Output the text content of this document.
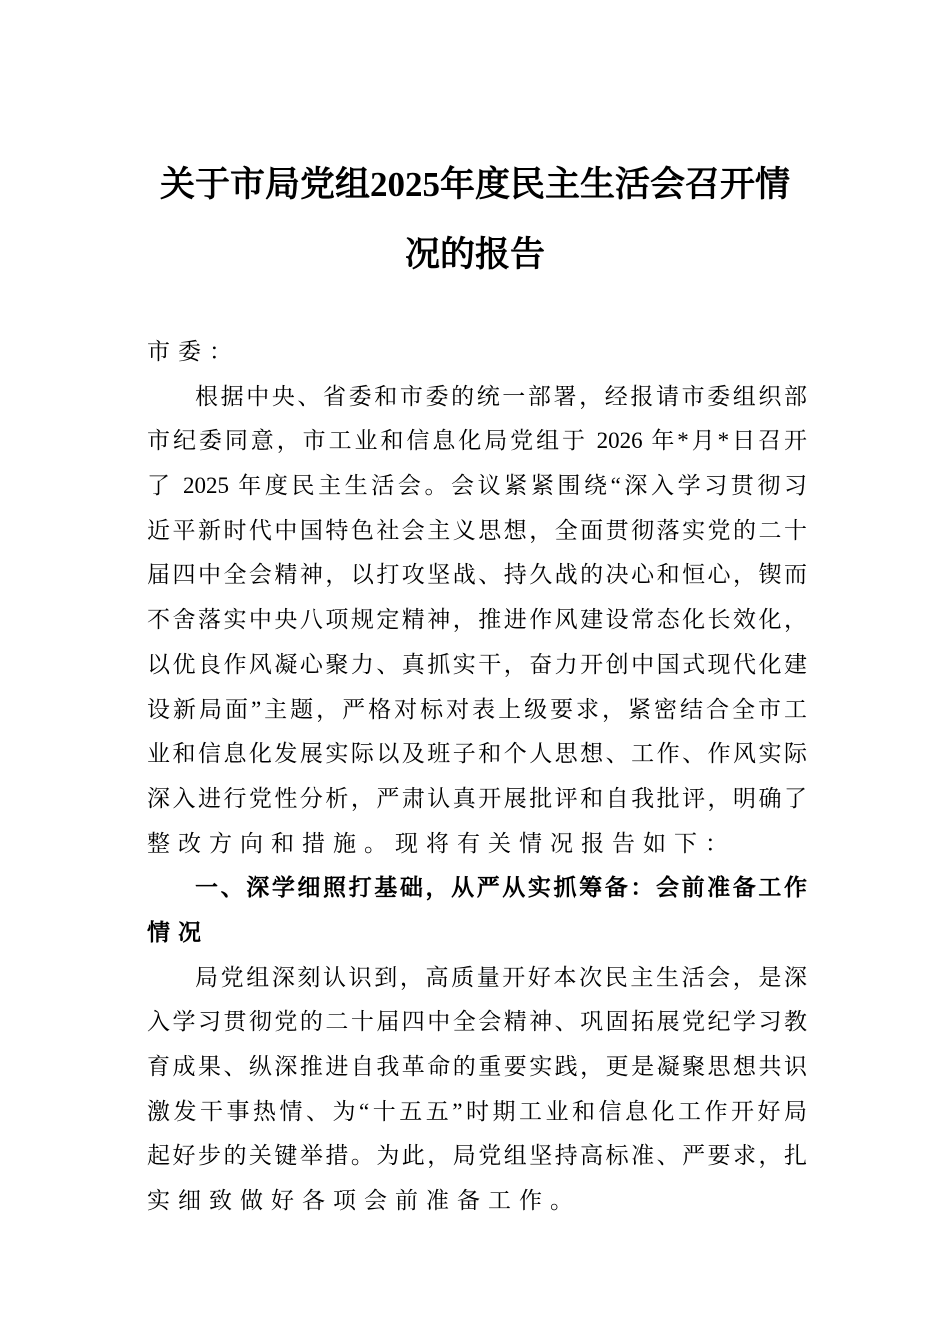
关于市局党组2025年度民主生活会召开情
况的报告
市委：
根据中央、省委和市委的统一部署，经报请市委组织部
市纪委同意，市工业和信息化局党组于 2026 年*月*日召开
了 2025 年度民主生活会。会议紧紧围绕“深入学习贯彻习
近平新时代中国特色社会主义思想，全面贯彻落实党的二十
届四中全会精神，以打攻坚战、持久战的决心和恒心，锲而
不舍落实中央八项规定精神，推进作风建设常态化长效化，
以优良作风凝心聚力、真抓实干，奋力开创中国式现代化建
设新局面”主题，严格对标对表上级要求，紧密结合全市工
业和信息化发展实际以及班子和个人思想、工作、作风实际
深入进行党性分析，严肃认真开展批评和自我批评，明确了
整改方向和措施。现将有关情况报告如下：
一、深学细照打基础，从严从实抓筹备：会前准备工作
情况
局党组深刻认识到，高质量开好本次民主生活会，是深
入学习贯彻党的二十届四中全会精神、巩固拓展党纪学习教
育成果、纵深推进自我革命的重要实践，更是凝聚思想共识
激发干事热情、为“十五五”时期工业和信息化工作开好局
起好步的关键举措。为此，局党组坚持高标准、严要求，扎
实细致做好各项会前准备工作。
